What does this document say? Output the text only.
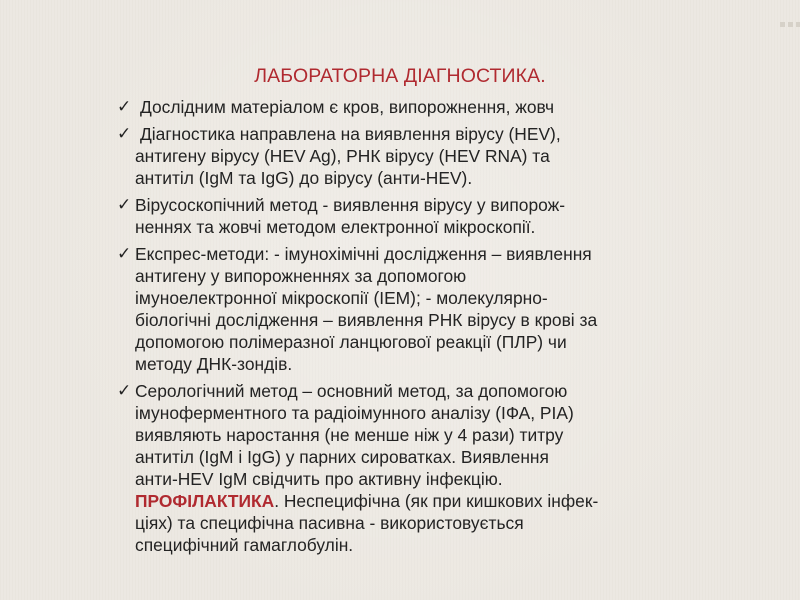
ЛАБОРАТОРНА ДІАГНОСТИКА.
✓ Дослідним матеріалом є кров, випорожнення, жовч
✓ Діагностика направлена на виявлення вірусу (HEV),
антигену вірусу (HEV Ag), РНК вірусу (HEV RNA) та
антитіл (IgM та IgG) до вірусу (анти-HEV).
✓ Вірусоскопічний метод - виявлення вірусу у випорож-
неннях та жовчі методом електронної мікроскопії.
✓ Експрес-методи: - імунохімічні дослідження – виявлення
антигену у випорожненнях за допомогою
імуноелектронної мікроскопії (ІЕМ); - молекулярно-
біологічні дослідження – виявлення РНК вірусу в крові за
допомогою полімеразної ланцюгової реакції (ПЛР) чи
методу ДНК-зондів.
✓ Серологічний метод – основний метод, за допомогою
імуноферментного та радіоімунного аналізу (ІФА, РІА)
виявляють наростання (не менше ніж у 4 рази) титру
антитіл (IgM і IgG) у парних сироватках. Виявлення
анти-HEV IgM свідчить про активну інфекцію.
ПРОФІЛАКТИКА. Неспецифічна (як при кишкових інфек-
ціях) та специфічна пасивна - використовується
специфічний гамаглобулін.
